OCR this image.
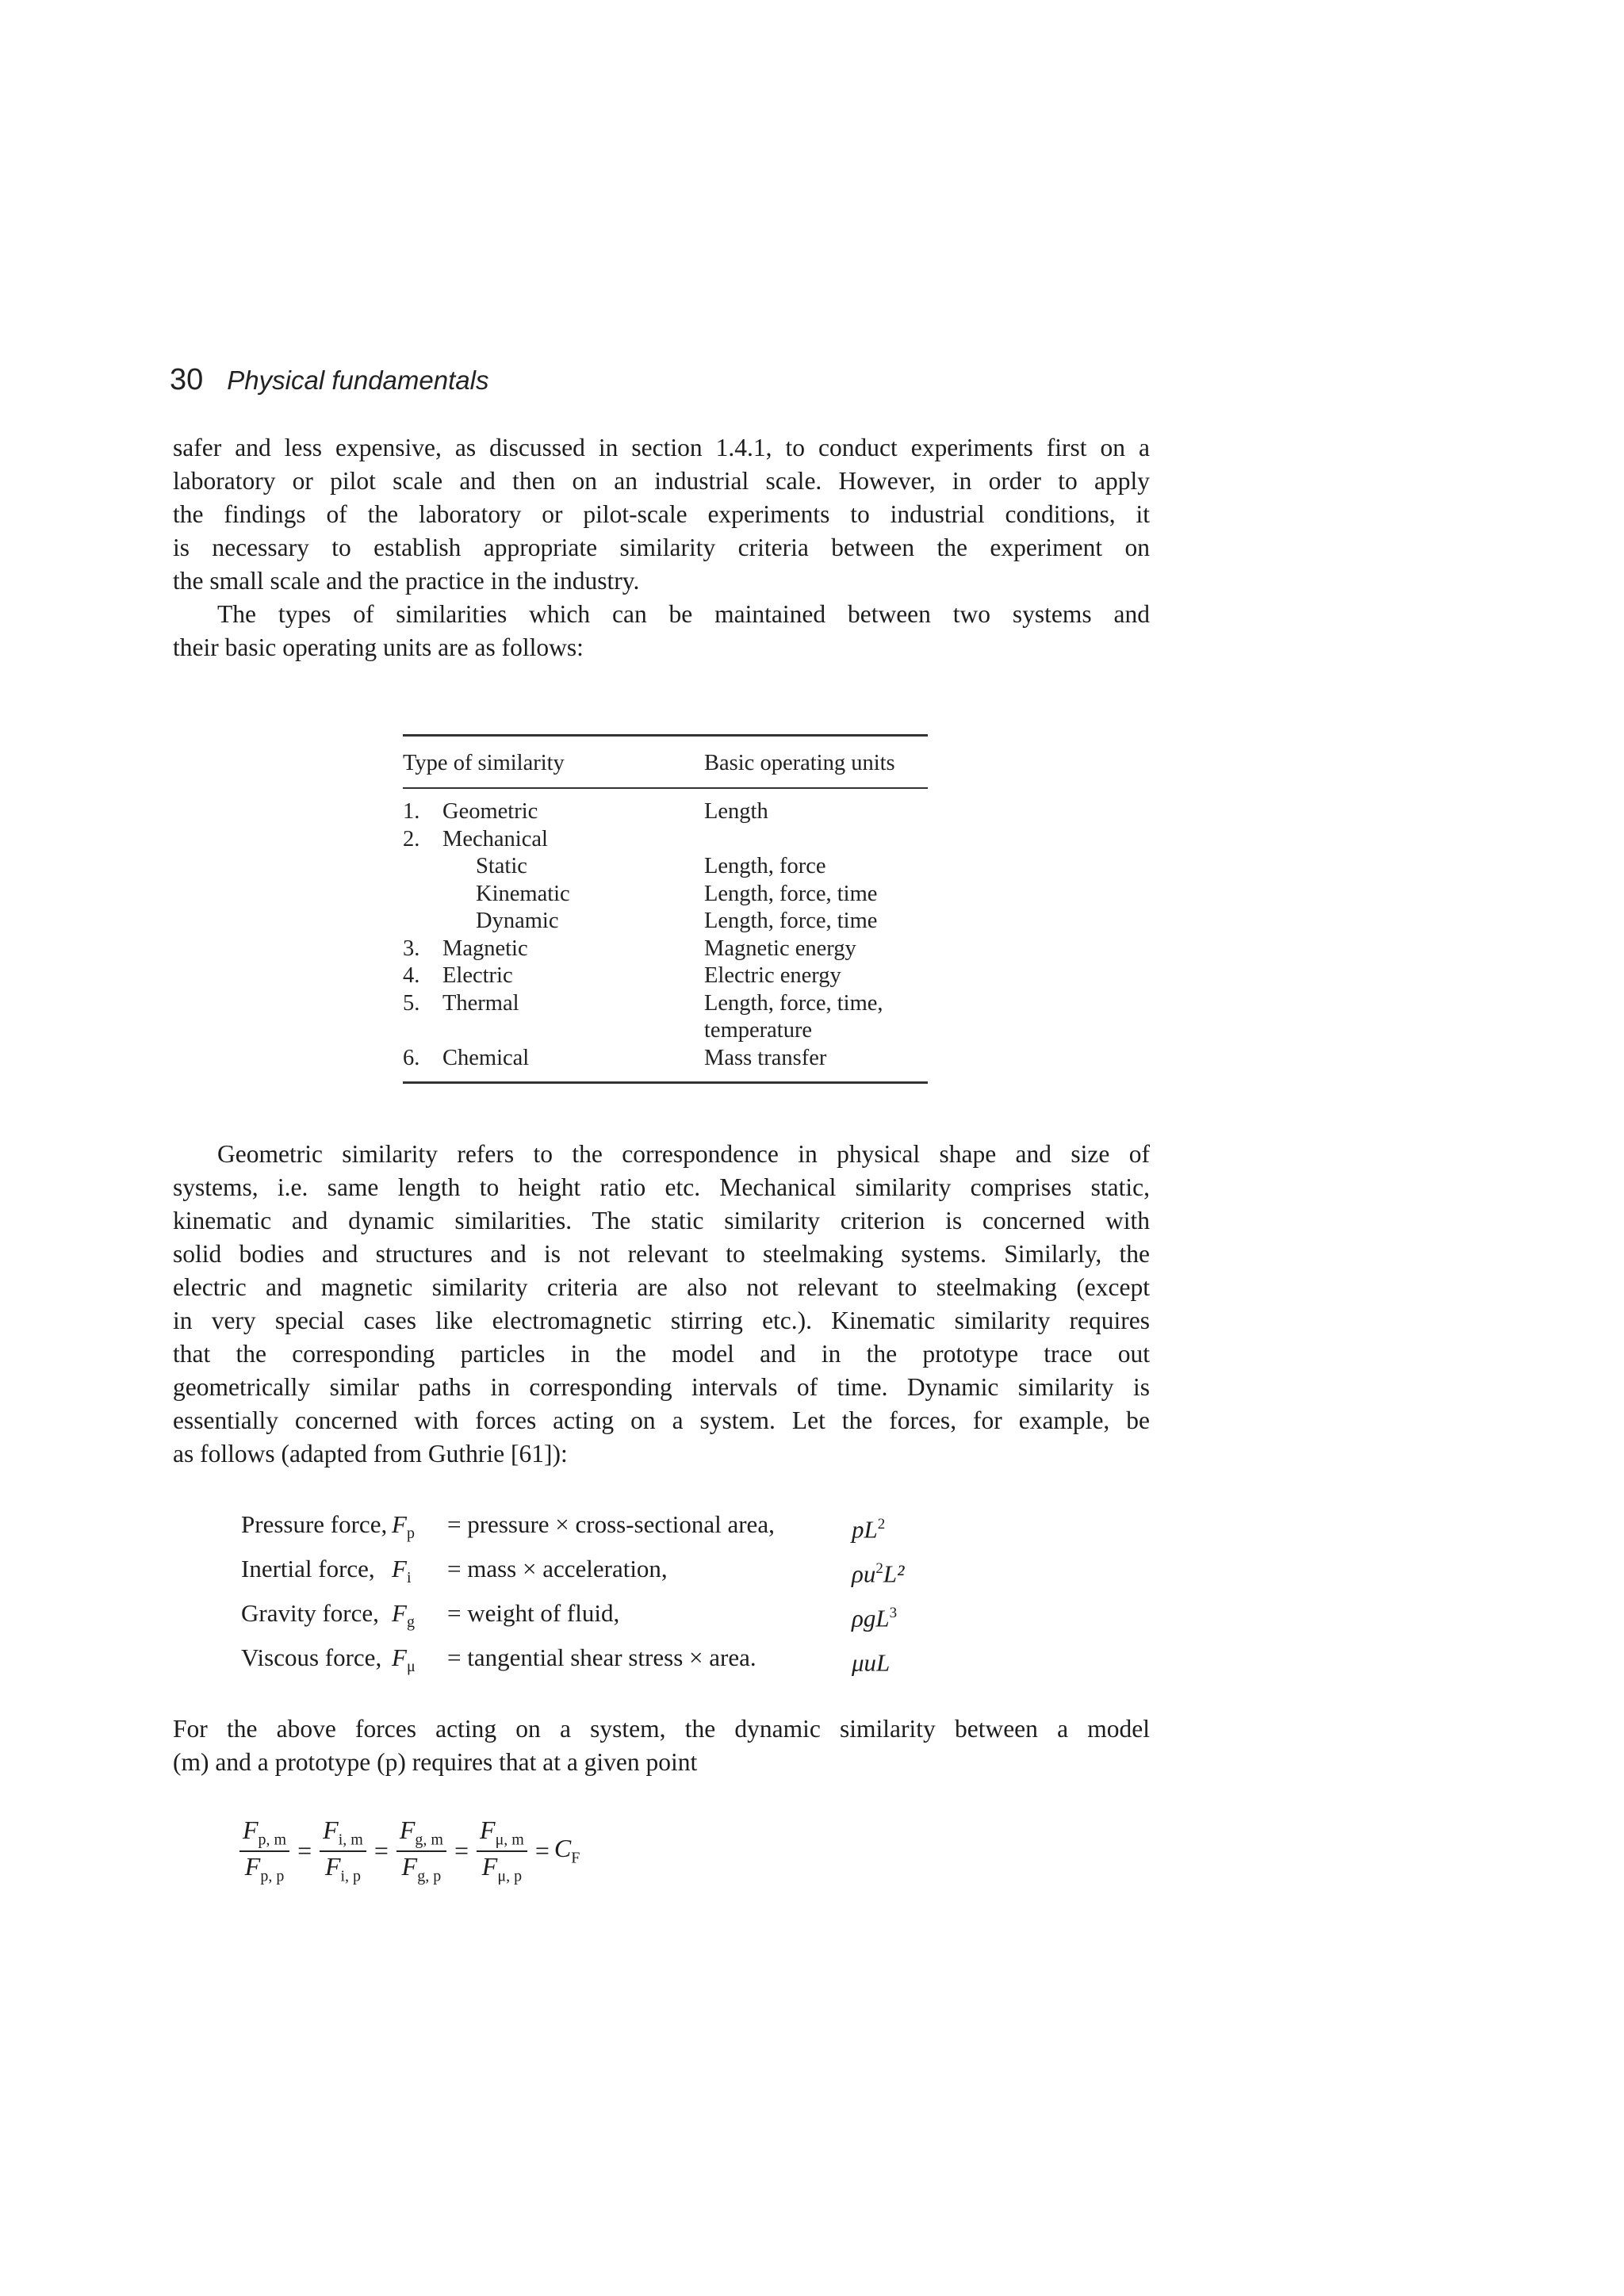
30 Physical fundamentals
safer and less expensive, as discussed in section 1.4.1, to conduct experiments first on a
laboratory or pilot scale and then on an industrial scale. However, in order to apply
the findings of the laboratory or pilot-scale experiments to industrial conditions, it
is necessary to establish appropriate similarity criteria between the experiment on
the small scale and the practice in the industry.
The types of similarities which can be maintained between two systems and
their basic operating units are as follows:
Type of similarity	Basic operating units
1.	Geometric	Length
2.	Mechanical
Static	Length, force
Kinematic	Length, force, time
Dynamic	Length, force, time
3.	Magnetic	Magnetic energy
4.	Electric	Electric energy
5.	Thermal	Length, force, time,
temperature
6.	Chemical	Mass transfer
Geometric similarity refers to the correspondence in physical shape and size of
systems, i.e. same length to height ratio etc. Mechanical similarity comprises static,
kinematic and dynamic similarities. The static similarity criterion is concerned with
solid bodies and structures and is not relevant to steelmaking systems. Similarly, the
electric and magnetic similarity criteria are also not relevant to steelmaking (except
in very special cases like electromagnetic stirring etc.). Kinematic similarity requires
that the corresponding particles in the model and in the prototype trace out
geometrically similar paths in corresponding intervals of time. Dynamic similarity is
essentially concerned with forces acting on a system. Let the forces, for example, be
as follows (adapted from Guthrie [61]):
Pressure force, $F_p$	= pressure × cross-sectional area,	$pL^2$
Inertial force, $F_i$	= mass × acceleration,	$\rho u^2L^2$
Gravity force, $F_g$	= weight of fluid,	ρgL$^3$
Viscous force, $F_\mu$	= tangential shear stress × area.	μuL
For the above forces acting on a system, the dynamic similarity between a model
(m) and a prototype (p) requires that at a given point
$\frac{F_{p, m}}{F_{p, p}} = \frac{F_{i, m}}{F_{i, p}} = \frac{F_{g, m}}{F_{g, p}} = \frac{F_{\mu, m}}{F_{\mu, p}} = C_F$
